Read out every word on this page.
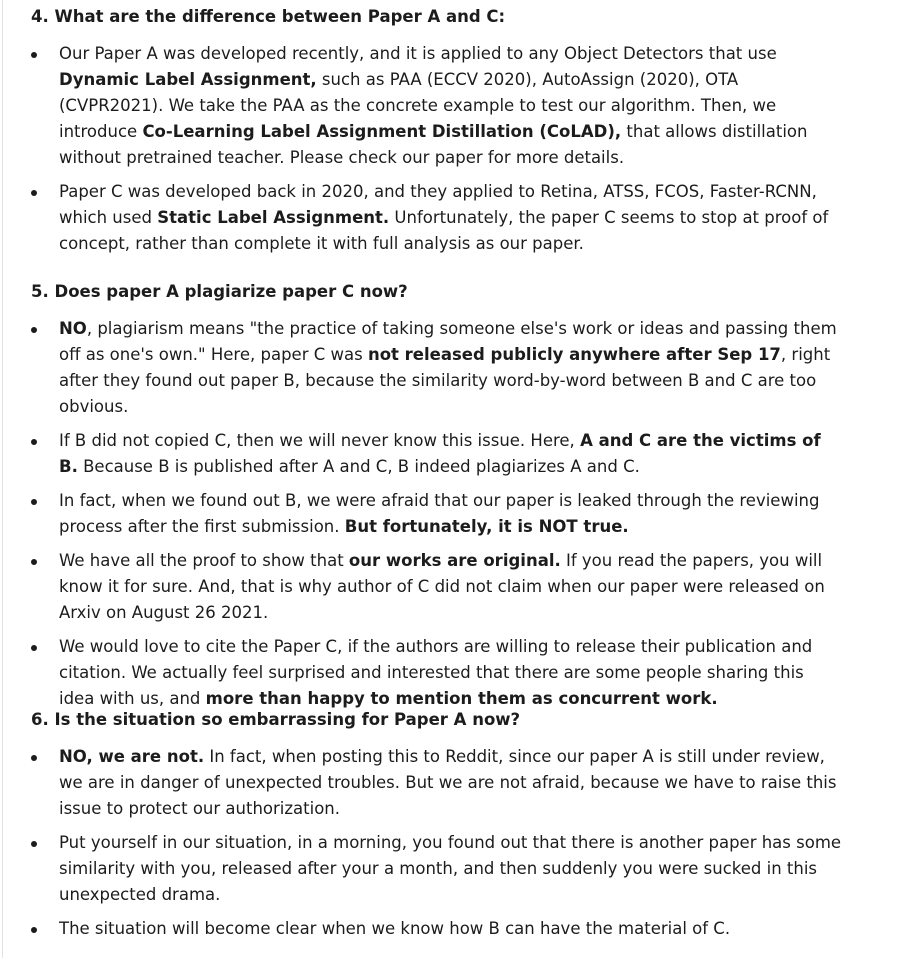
4. What are the difference between Paper A and C:
Our Paper A was developed recently, and it is applied to any Object Detectors that use Dynamic Label Assignment, such as PAA (ECCV 2020), AutoAssign (2020), OTA (CVPR2021). We take the PAA as the concrete example to test our algorithm. Then, we introduce Co-Learning Label Assignment Distillation (CoLAD), that allows distillation without pretrained teacher. Please check our paper for more details.
Paper C was developed back in 2020, and they applied to Retina, ATSS, FCOS, Faster-RCNN, which used Static Label Assignment. Unfortunately, the paper C seems to stop at proof of concept, rather than complete it with full analysis as our paper.
5. Does paper A plagiarize paper C now?
NO, plagiarism means "the practice of taking someone else's work or ideas and passing them off as one's own." Here, paper C was not released publicly anywhere after Sep 17, right after they found out paper B, because the similarity word-by-word between B and C are too obvious.
If B did not copied C, then we will never know this issue. Here, A and C are the victims of B. Because B is published after A and C, B indeed plagiarizes A and C.
In fact, when we found out B, we were afraid that our paper is leaked through the reviewing process after the first submission. But fortunately, it is NOT true.
We have all the proof to show that our works are original. If you read the papers, you will know it for sure. And, that is why author of C did not claim when our paper were released on Arxiv on August 26 2021.
We would love to cite the Paper C, if the authors are willing to release their publication and citation. We actually feel surprised and interested that there are some people sharing this idea with us, and more than happy to mention them as concurrent work.
6. Is the situation so embarrassing for Paper A now?
NO, we are not. In fact, when posting this to Reddit, since our paper A is still under review, we are in danger of unexpected troubles. But we are not afraid, because we have to raise this issue to protect our authorization.
Put yourself in our situation, in a morning, you found out that there is another paper has some similarity with you, released after your a month, and then suddenly you were sucked in this unexpected drama.
The situation will become clear when we know how B can have the material of C.
